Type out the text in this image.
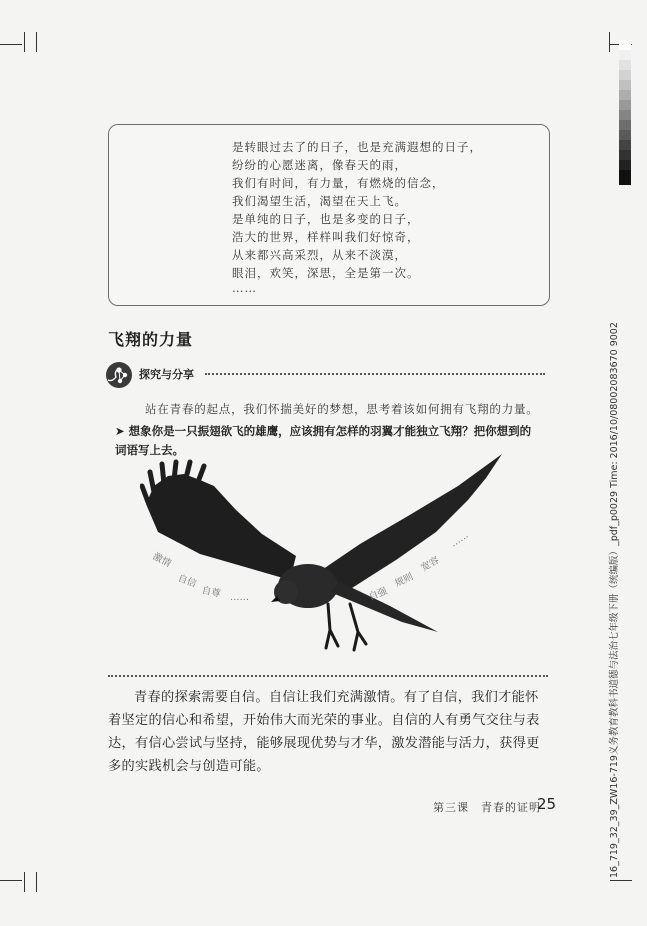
是转眼过去了的日子，也是充满遐想的日子，
纷纷的心愿迷离，像春天的雨，
我们有时间，有力量，有燃烧的信念，
我们渴望生活，渴望在天上飞。
是单纯的日子，也是多变的日子，
浩大的世界，样样叫我们好惊奇，
从来都兴高采烈，从来不淡漠，
眼泪，欢笑，深思，全是第一次。
……
飞翔的力量
探究与分享
站在青春的起点，我们怀揣美好的梦想，思考着该如何拥有飞翔的力量。
➤ 想象你是一只振翅欲飞的雄鹰，应该拥有怎样的羽翼才能独立飞翔？把你想到的词语写上去。
激情
自信
自尊 ……	自强
规则
宽容
……
青春的探索需要自信。自信让我们充满激情。有了自信，我们才能怀着坚定的信心和希望，开始伟大而光荣的事业。自信的人有勇气交往与表达，有信心尝试与坚持，能够展现优势与才华，激发潜能与活力，获得更多的实践机会与创造可能。
第三课　青春的证明
25	16_719_32_39_ZW16-719义务教育教科书道德与法治七年级下册（统编版）_pdf_p0029 Time: 2016/10/08002083670 9002
